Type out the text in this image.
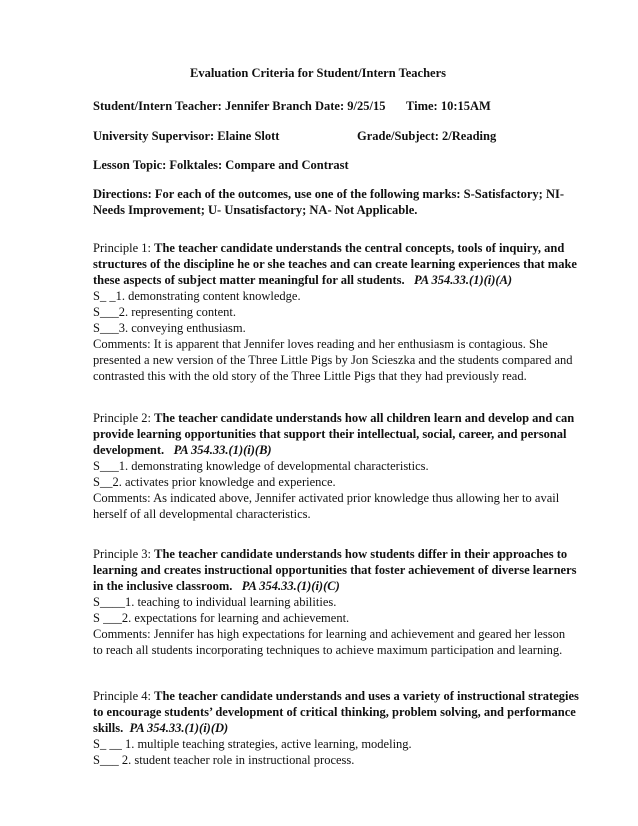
Evaluation Criteria for Student/Intern Teachers
Student/Intern Teacher: Jennifer Branch Date: 9/25/15 Time: 10:15AM
University Supervisor: Elaine Slott	Grade/Subject: 2/Reading
Lesson Topic: Folktales: Compare and Contrast
Directions: For each of the outcomes, use one of the following marks: S-Satisfactory; NI-
Needs Improvement; U- Unsatisfactory; NA- Not Applicable.
Principle 1: The teacher candidate understands the central concepts, tools of inquiry, and
structures of the discipline he or she teaches and can create learning experiences that make
these aspects of subject matter meaningful for all students. PA 354.33.(1)(i)(A)
S_ _1. demonstrating content knowledge.
S___2. representing content.
S___3. conveying enthusiasm.
Comments: It is apparent that Jennifer loves reading and her enthusiasm is contagious. She
presented a new version of the Three Little Pigs by Jon Scieszka and the students compared and
contrasted this with the old story of the Three Little Pigs that they had previously read.
Principle 2: The teacher candidate understands how all children learn and develop and can
provide learning opportunities that support their intellectual, social, career, and personal
development. PA 354.33.(1)(i)(B)
S___1. demonstrating knowledge of developmental characteristics.
S__2. activates prior knowledge and experience.
Comments: As indicated above, Jennifer activated prior knowledge thus allowing her to avail
herself of all developmental characteristics.
Principle 3: The teacher candidate understands how students differ in their approaches to
learning and creates instructional opportunities that foster achievement of diverse learners
in the inclusive classroom. PA 354.33.(1)(i)(C)
S____1. teaching to individual learning abilities.
S ___2. expectations for learning and achievement.
Comments: Jennifer has high expectations for learning and achievement and geared her lesson
to reach all students incorporating techniques to achieve maximum participation and learning.
Principle 4: The teacher candidate understands and uses a variety of instructional strategies
to encourage students’ development of critical thinking, problem solving, and performance
skills. PA 354.33.(1)(i)(D)
S_ __ 1. multiple teaching strategies, active learning, modeling.
S___ 2. student teacher role in instructional process.
